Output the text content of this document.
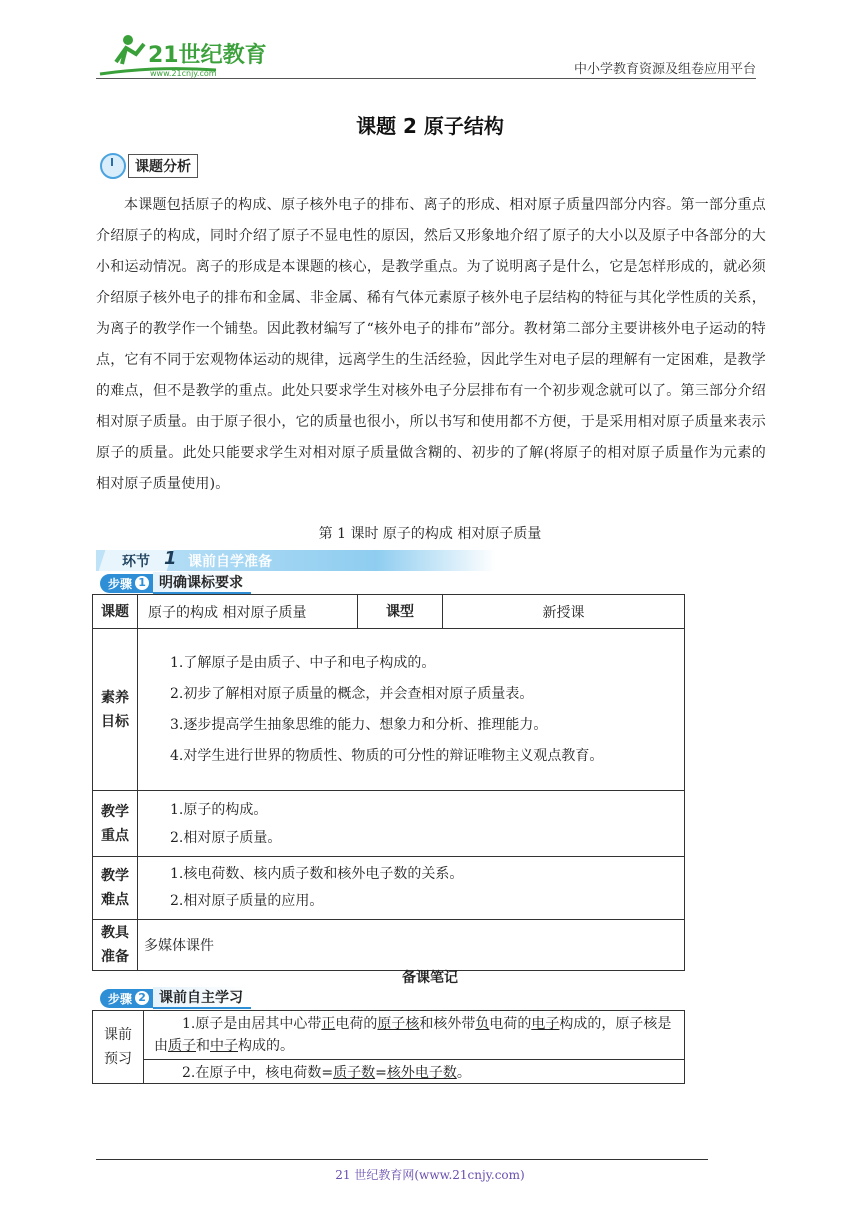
21世纪教育
www.21cnjy.com	中小学教育资源及组卷应用平台
课题 2 原子结构
课题分析
本课题包括原子的构成、原子核外电子的排布、离子的形成、相对原子质量四部分内容。第一部分重点介绍原子的构成，同时介绍了原子不显电性的原因，然后又形象地介绍了原子的大小以及原子中各部分的大小和运动情况。离子的形成是本课题的核心，是教学重点。为了说明离子是什么，它是怎样形成的，就必须介绍原子核外电子的排布和金属、非金属、稀有气体元素原子核外电子层结构的特征与其化学性质的关系，为离子的教学作一个铺垫。因此教材编写了“核外电子的排布”部分。教材第二部分主要讲核外电子运动的特点，它有不同于宏观物体运动的规律，远离学生的生活经验，因此学生对电子层的理解有一定困难，是教学的难点，但不是教学的重点。此处只要求学生对核外电子分层排布有一个初步观念就可以了。第三部分介绍相对原子质量。由于原子很小，它的质量也很小，所以书写和使用都不方便，于是采用相对原子质量来表示原子的质量。此处只能要求学生对相对原子质量做含糊的、初步的了解(将原子的相对原子质量作为元素的相对原子质量使用)。
第 1 课时 原子的构成 相对原子质量
环节 1 课前自学准备
步骤 1 明确课标要求
课题	原子的构成 相对原子质量	课型	新授课
素养目标	1.了解原子是由质子、中子和电子构成的。
2.初步了解相对原子质量的概念，并会查相对原子质量表。
3.逐步提高学生抽象思维的能力、想象力和分析、推理能力。
4.对学生进行世界的物质性、物质的可分性的辩证唯物主义观点教育。		

教学重点	1.原子的构成。
2.相对原子质量。		

教学难点	1.核电荷数、核内质子数和核外电子数的关系。
2.相对原子质量的应用。		

教具准备	多媒体课件		
备课笔记
步骤 2 课前自主学习
课前预习	1.原子是由居其中心带正电荷的原子核和核外带负电荷的电子构成的，原子核是由质子和中子构成的。
2.在原子中，核电荷数=质子数=核外电子数。
21 世纪教育网(www.21cnjy.com)
